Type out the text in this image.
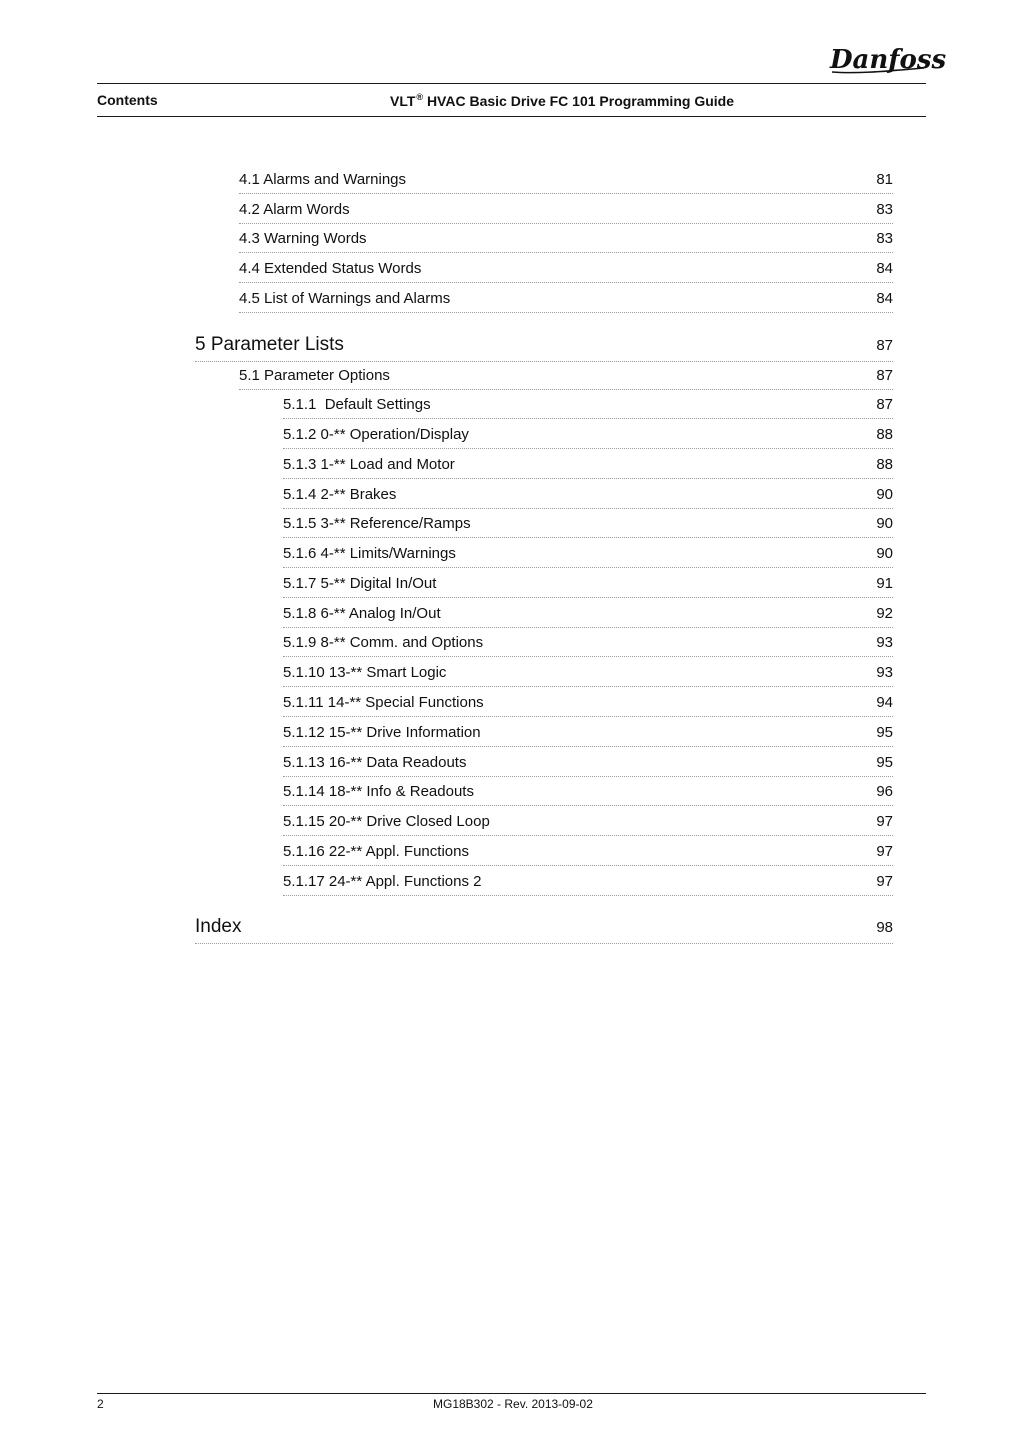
Danfoss
Contents	VLT® HVAC Basic Drive FC 101 Programming Guide
4.1 Alarms and Warnings	81
4.2 Alarm Words	83
4.3 Warning Words	83
4.4 Extended Status Words	84
4.5 List of Warnings and Alarms	84
5 Parameter Lists	87
5.1 Parameter Options	87
5.1.1  Default Settings	87
5.1.2 0-** Operation/Display	88
5.1.3 1-** Load and Motor	88
5.1.4 2-** Brakes	90
5.1.5 3-** Reference/Ramps	90
5.1.6 4-** Limits/Warnings	90
5.1.7 5-** Digital In/Out	91
5.1.8 6-** Analog In/Out	92
5.1.9 8-** Comm. and Options	93
5.1.10 13-** Smart Logic	93
5.1.11 14-** Special Functions	94
5.1.12 15-** Drive Information	95
5.1.13 16-** Data Readouts	95
5.1.14 18-** Info & Readouts	96
5.1.15 20-** Drive Closed Loop	97
5.1.16 22-** Appl. Functions	97
5.1.17 24-** Appl. Functions 2	97
Index	98
2	MG18B302 - Rev. 2013-09-02
